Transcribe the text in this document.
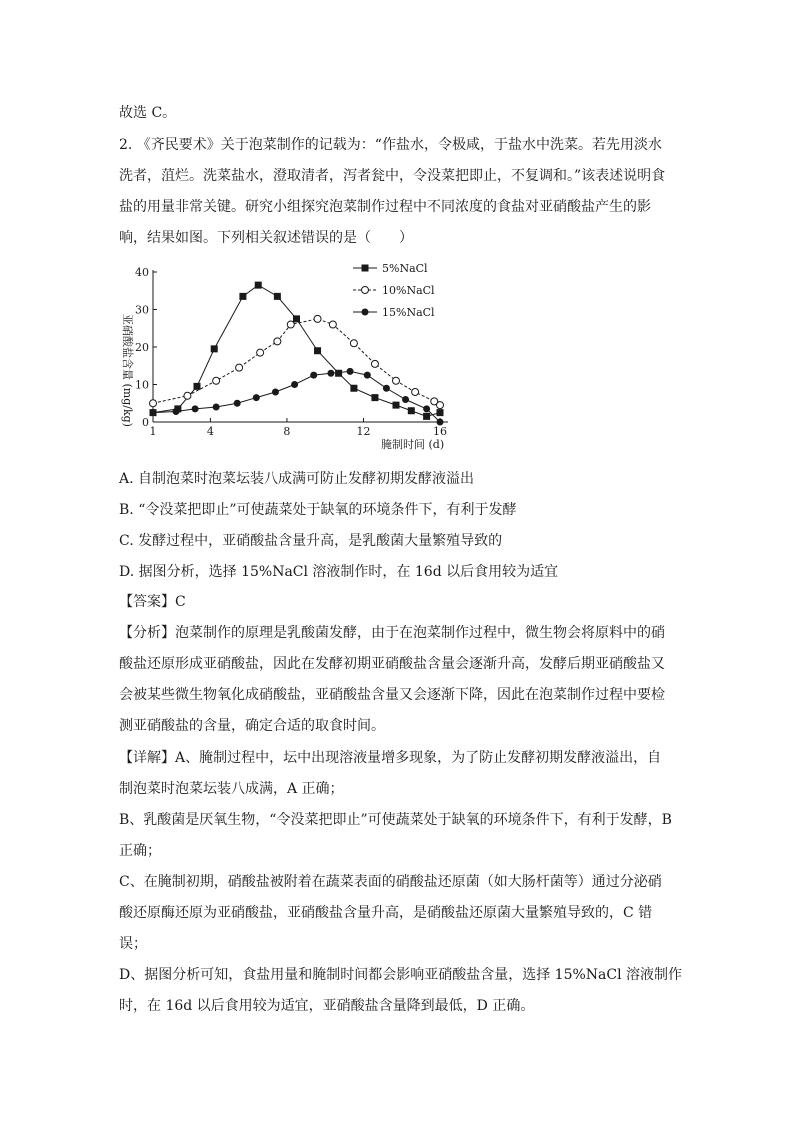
故选 C。
2. 《齐民要术》关于泡菜制作的记载为：“作盐水，令极咸，于盐水中洗菜。若先用淡水
洗者，菹烂。洗菜盐水，澄取清者，泻者瓮中，令没菜把即止，不复调和。”该表述说明食
盐的用量非常关键。研究小组探究泡菜制作过程中不同浓度的食盐对亚硝酸盐产生的影
响，结果如图。下列相关叙述错误的是（　　）
1	4	8	12	16
0
10
20
30
40	5%NaCl
10%NaCl
15%NaCl
腌制时间 (d)
亚硝酸盐含量 (mg/kg)
A. 自制泡菜时泡菜坛装八成满可防止发酵初期发酵液溢出
B. “令没菜把即止”可使蔬菜处于缺氧的环境条件下，有利于发酵
C. 发酵过程中，亚硝酸盐含量升高，是乳酸菌大量繁殖导致的
D. 据图分析，选择 15%NaCl 溶液制作时，在 16d 以后食用较为适宜
【答案】C
【分析】泡菜制作的原理是乳酸菌发酵，由于在泡菜制作过程中，微生物会将原料中的硝
酸盐还原形成亚硝酸盐，因此在发酵初期亚硝酸盐含量会逐渐升高，发酵后期亚硝酸盐又
会被某些微生物氧化成硝酸盐，亚硝酸盐含量又会逐渐下降，因此在泡菜制作过程中要检
测亚硝酸盐的含量，确定合适的取食时间。
【详解】A、腌制过程中，坛中出现溶液量增多现象，为了防止发酵初期发酵液溢出，自
制泡菜时泡菜坛装八成满，A 正确；
B、乳酸菌是厌氧生物，“令没菜把即止”可使蔬菜处于缺氧的环境条件下，有利于发酵，B
正确；
C、在腌制初期，硝酸盐被附着在蔬菜表面的硝酸盐还原菌（如大肠杆菌等）通过分泌硝
酸还原酶还原为亚硝酸盐，亚硝酸盐含量升高，是硝酸盐还原菌大量繁殖导致的，C 错
误；
D、据图分析可知，食盐用量和腌制时间都会影响亚硝酸盐含量，选择 15%NaCl 溶液制作
时，在 16d 以后食用较为适宜，亚硝酸盐含量降到最低，D 正确。
